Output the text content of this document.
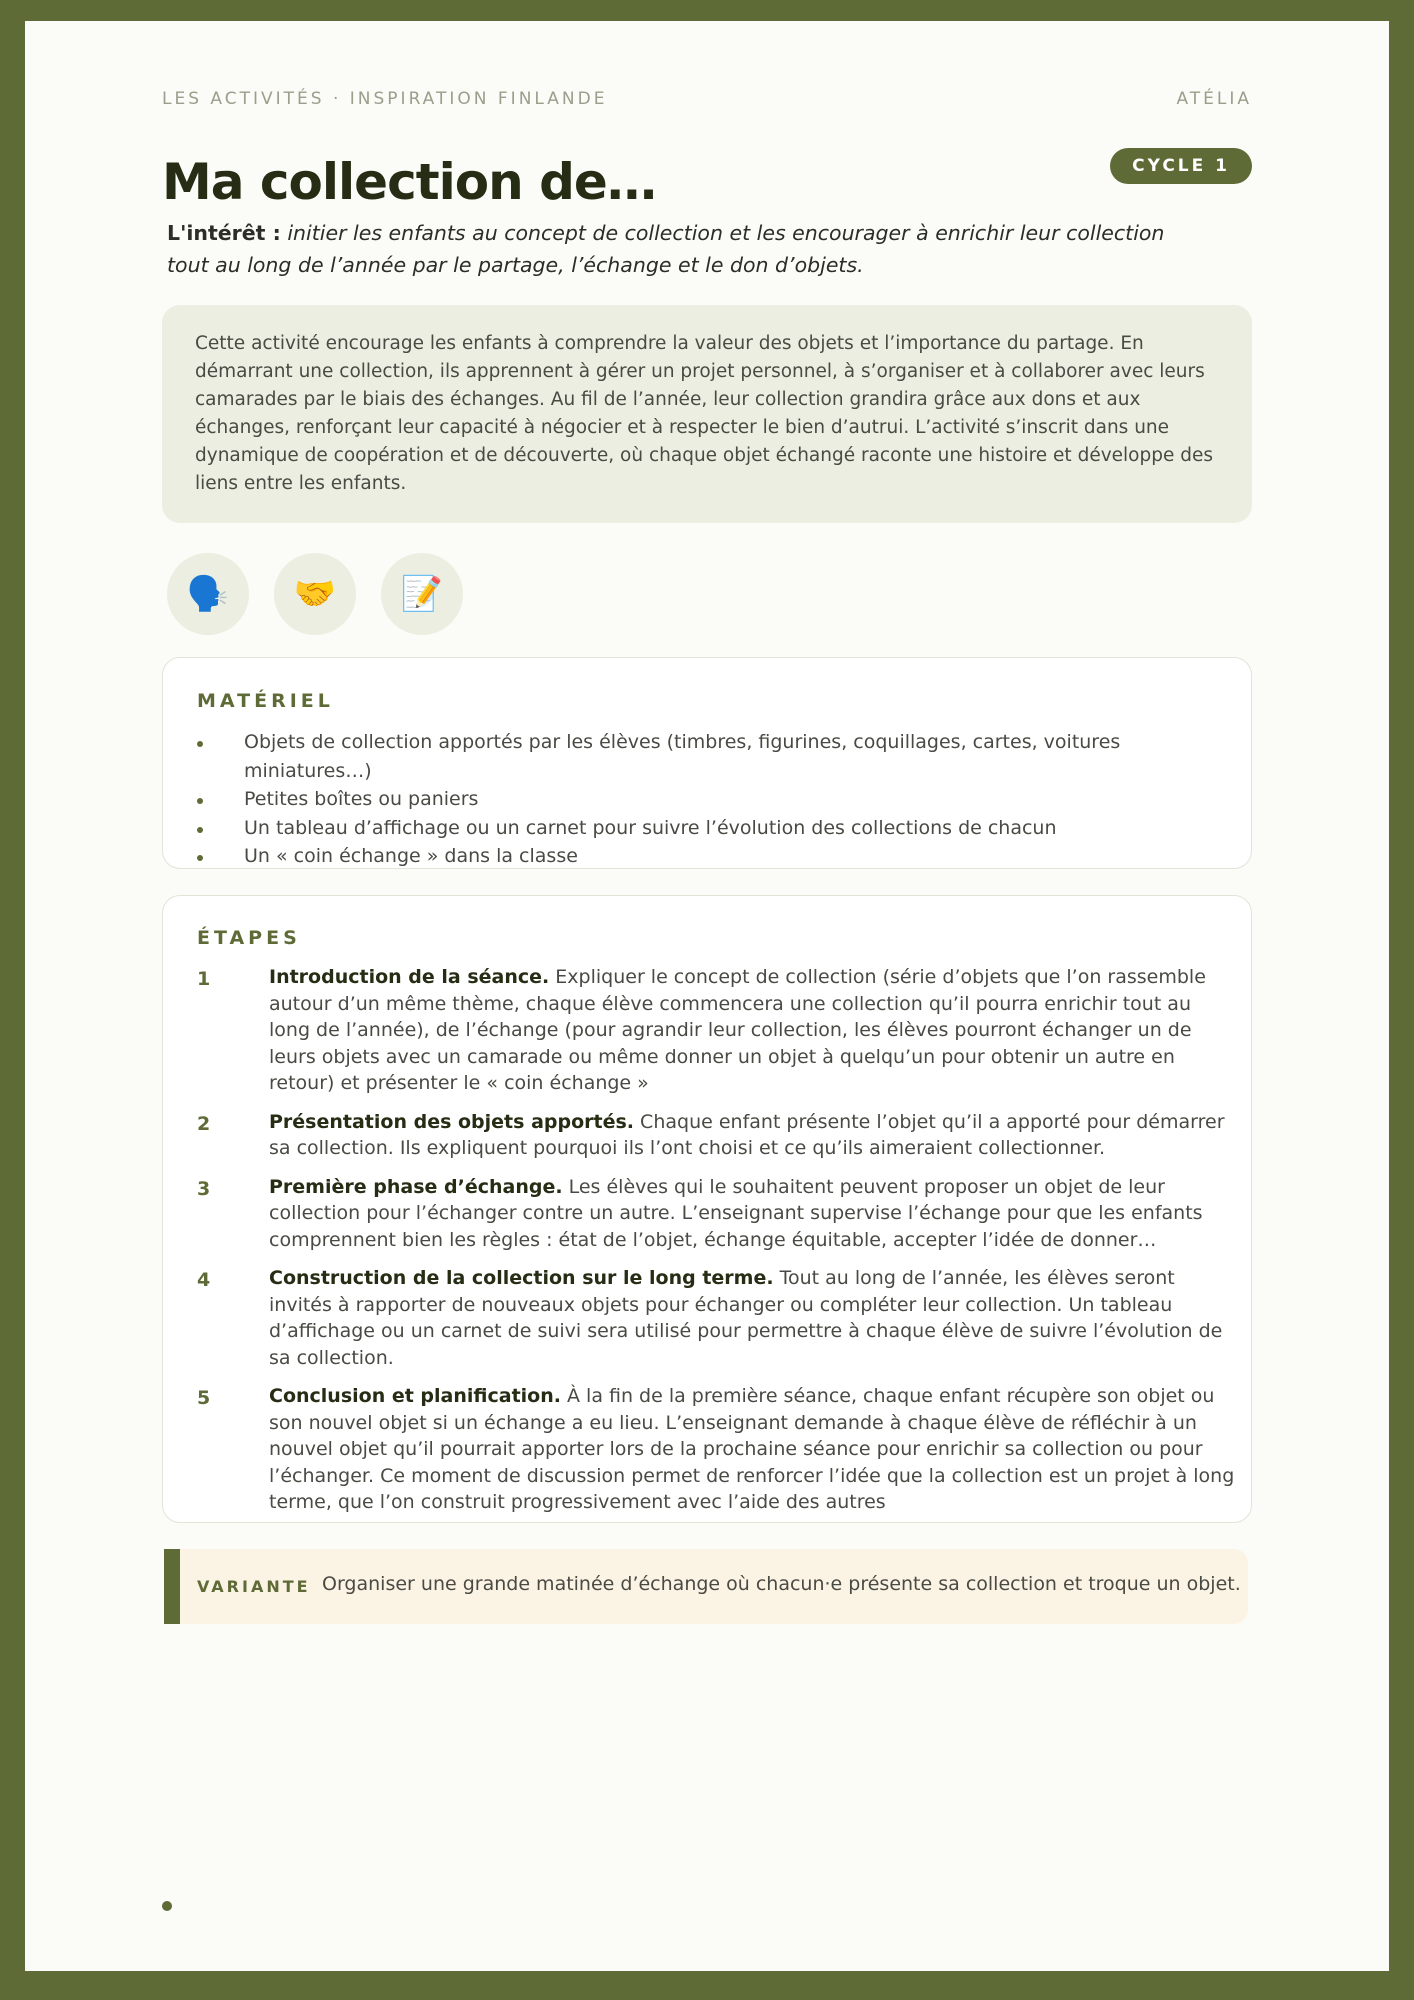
LES ACTIVITÉS · INSPIRATION FINLANDE	ATÉLIA
Ma collection de…	CYCLE 1
L'intérêt : initier les enfants au concept de collection et les encourager à enrichir leur collection tout au long de l’année par le partage, l’échange et le don d’objets.
Cette activité encourage les enfants à comprendre la valeur des objets et l’importance du partage. En démarrant une collection, ils apprennent à gérer un projet personnel, à s’organiser et à collaborer avec leurs camarades par le biais des échanges. Au fil de l’année, leur collection grandira grâce aux dons et aux échanges, renforçant leur capacité à négocier et à respecter le bien d’autrui. L’activité s’inscrit dans une dynamique de coopération et de découverte, où chaque objet échangé raconte une histoire et développe des liens entre les enfants.
🗣️	🤝	📝
MATÉRIEL
Objets de collection apportés par les élèves (timbres, figurines, coquillages, cartes, voitures miniatures…)
Petites boîtes ou paniers
Un tableau d’affichage ou un carnet pour suivre l’évolution des collections de chacun
Un « coin échange » dans la classe
ÉTAPES
1	Introduction de la séance. Expliquer le concept de collection (série d’objets que l’on rassemble autour d’un même thème, chaque élève commencera une collection qu’il pourra enrichir tout au long de l’année), de l’échange (pour agrandir leur collection, les élèves pourront échanger un de leurs objets avec un camarade ou même donner un objet à quelqu’un pour obtenir un autre en retour) et présenter le « coin échange »
2	Présentation des objets apportés. Chaque enfant présente l’objet qu’il a apporté pour démarrer sa collection. Ils expliquent pourquoi ils l’ont choisi et ce qu’ils aimeraient collectionner.
3	Première phase d’échange. Les élèves qui le souhaitent peuvent proposer un objet de leur collection pour l’échanger contre un autre. L’enseignant supervise l’échange pour que les enfants comprennent bien les règles : état de l’objet, échange équitable, accepter l’idée de donner…
4	Construction de la collection sur le long terme. Tout au long de l’année, les élèves seront invités à rapporter de nouveaux objets pour échanger ou compléter leur collection. Un tableau d’affichage ou un carnet de suivi sera utilisé pour permettre à chaque élève de suivre l’évolution de sa collection.
5	Conclusion et planification. À la fin de la première séance, chaque enfant récupère son objet ou son nouvel objet si un échange a eu lieu. L’enseignant demande à chaque élève de réfléchir à un nouvel objet qu’il pourrait apporter lors de la prochaine séance pour enrichir sa collection ou pour l’échanger. Ce moment de discussion permet de renforcer l’idée que la collection est un projet à long terme, que l’on construit progressivement avec l’aide des autres
VARIANTE Organiser une grande matinée d’échange où chacun·e présente sa collection et troque un objet.
